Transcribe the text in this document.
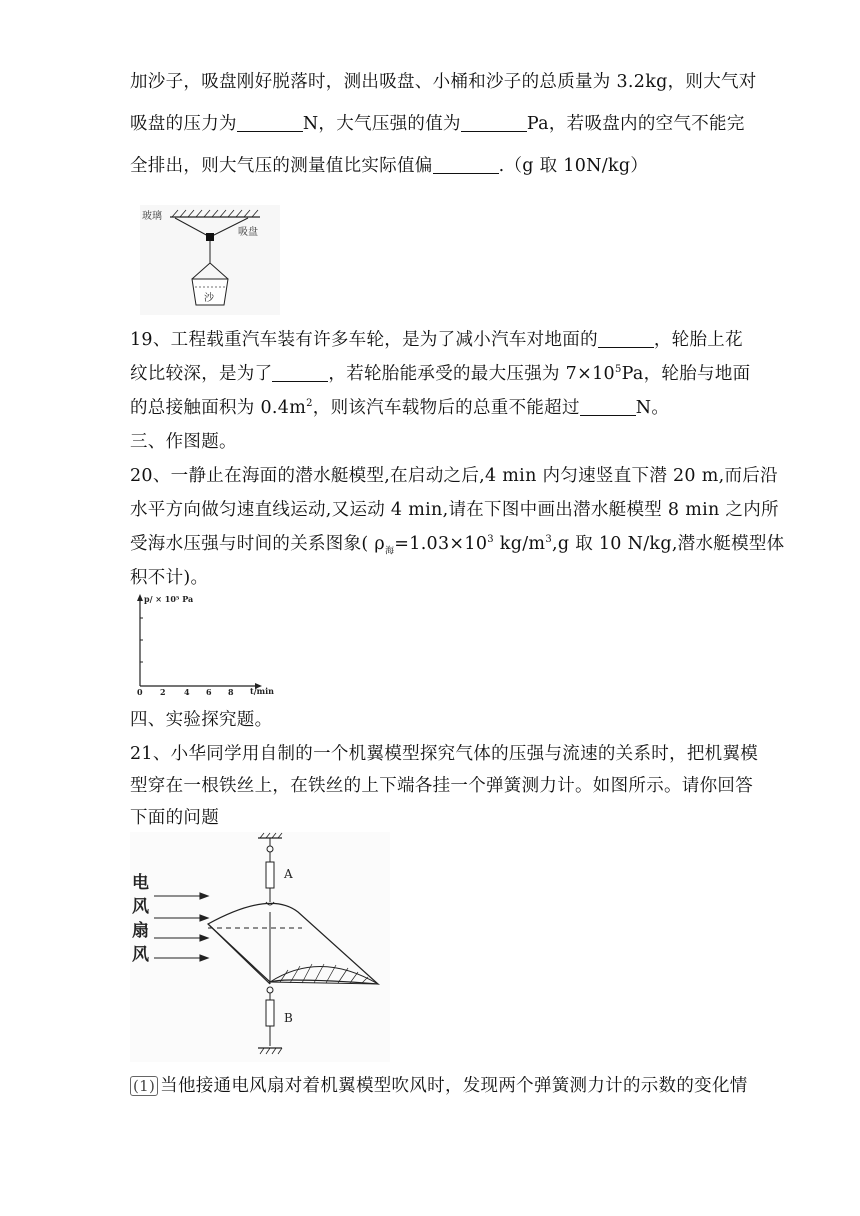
加沙子，吸盘刚好脱落时，测出吸盘、小桶和沙子的总质量为 3.2kg，则大气对
吸盘的压力为	N，大气压强的值为	Pa，若吸盘内的空气不能完
全排出，则大气压的测量值比实际值偏	.（g 取 10N/kg）
玻璃
吸盘
沙
19、工程载重汽车装有许多车轮，是为了减小汽车对地面的	，轮胎上花
纹比较深，是为了	，若轮胎能承受的最大压强为 $7\times 10^5Pa$，轮胎与地面
的总接触面积为 $0.4m^2$，则该汽车载物后的总重不能超过	N。
三、作图题。
20、一静止在海面的潜水艇模型,在启动之后,4 min 内匀速竖直下潜 20 m,而后沿
水平方向做匀速直线运动,又运动 4 min,请在下图中画出潜水艇模型 8 min 之内所
受海水压强与时间的关系图象( $\rho_海=1.03\times 10^3$ $kg/m^3,g$ 取 10 N/kg,潜水艇模型体
积不计)。
p/ × 10⁵ Pa
0 2 4 6 8 t/min
四、实验探究题。
21、小华同学用自制的一个机翼模型探究气体的压强与流速的关系时，把机翼模
型穿在一根铁丝上，在铁丝的上下端各挂一个弹簧测力计。如图所示。请你回答
下面的问题
A
B
电
风
扇
风
(1) 当他接通电风扇对着机翼模型吹风时，发现两个弹簧测力计的示数的变化情
